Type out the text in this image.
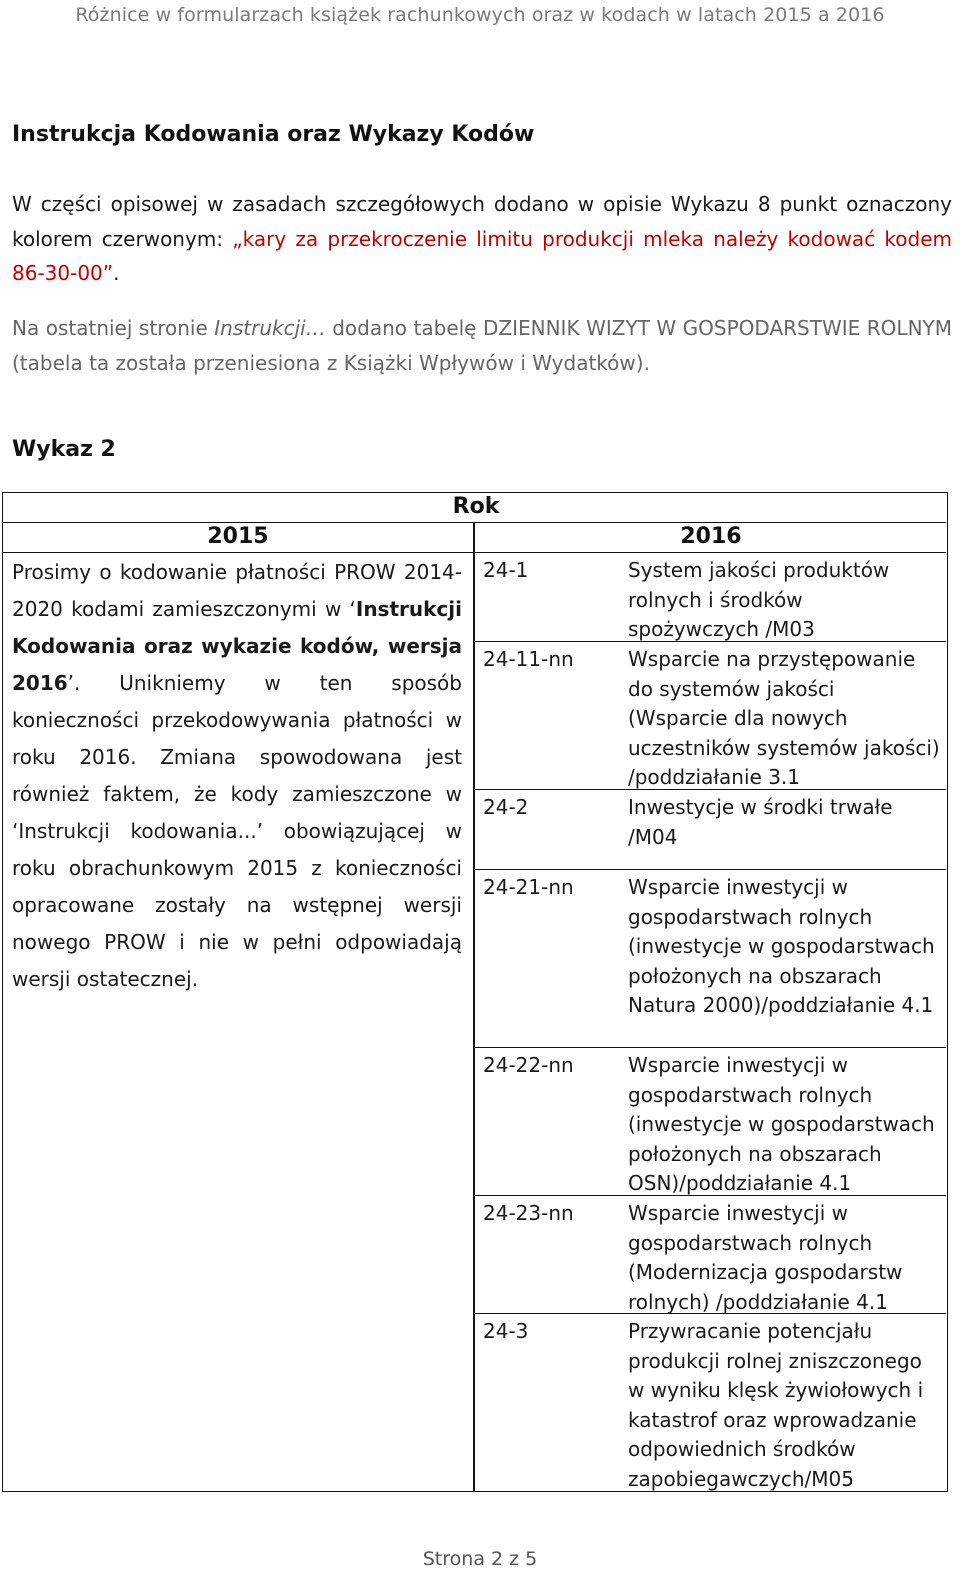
Różnice w formularzach książek rachunkowych oraz w kodach w latach 2015 a 2016
Instrukcja Kodowania oraz Wykazy Kodów

W części opisowej w zasadach szczegółowych dodano w opisie Wykazu 8 punkt oznaczony kolorem czerwonym: „kary za przekroczenie limitu produkcji mleka należy kodować kodem 86-30-00”.

Na ostatniej stronie Instrukcji… dodano tabelę DZIENNIK WIZYT W GOSPODARSTWIE ROLNYM (tabela ta została przeniesiona z Książki Wpływów i Wydatków).

Wykaz 2
Rok
2015	2016
Prosimy o kodowanie płatności PROW 2014-2020 kodami zamieszczonymi w ‘Instrukcji Kodowania oraz wykazie kodów, wersja 2016’. Unikniemy w ten sposób konieczności przekodowywania płatności w roku 2016. Zmiana spowodowana jest również faktem, że kody zamieszczone w ‘Instrukcji kodowania...’ obowiązującej w roku obrachunkowym 2015 z konieczności opracowane zostały na wstępnej wersji nowego PROW i nie w pełni odpowiadają wersji ostatecznej.
24-1	System jakości produktów rolnych i środków spożywczych /M03
24-11-nn	Wsparcie na przystępowanie do systemów jakości (Wsparcie dla nowych uczestników systemów jakości) /poddziałanie 3.1
24-2	Inwestycje w środki trwałe /M04
24-21-nn	Wsparcie inwestycji w gospodarstwach rolnych (inwestycje w gospodarstwach położonych na obszarach Natura 2000)/poddziałanie 4.1
24-22-nn	Wsparcie inwestycji w gospodarstwach rolnych (inwestycje w gospodarstwach położonych na obszarach OSN)/poddziałanie 4.1
24-23-nn	Wsparcie inwestycji w gospodarstwach rolnych (Modernizacja gospodarstw rolnych) /poddziałanie 4.1
24-3	Przywracanie potencjału produkcji rolnej zniszczonego w wyniku klęsk żywiołowych i katastrof oraz wprowadzanie odpowiednich środków zapobiegawczych/M05
Strona 2 z 5
